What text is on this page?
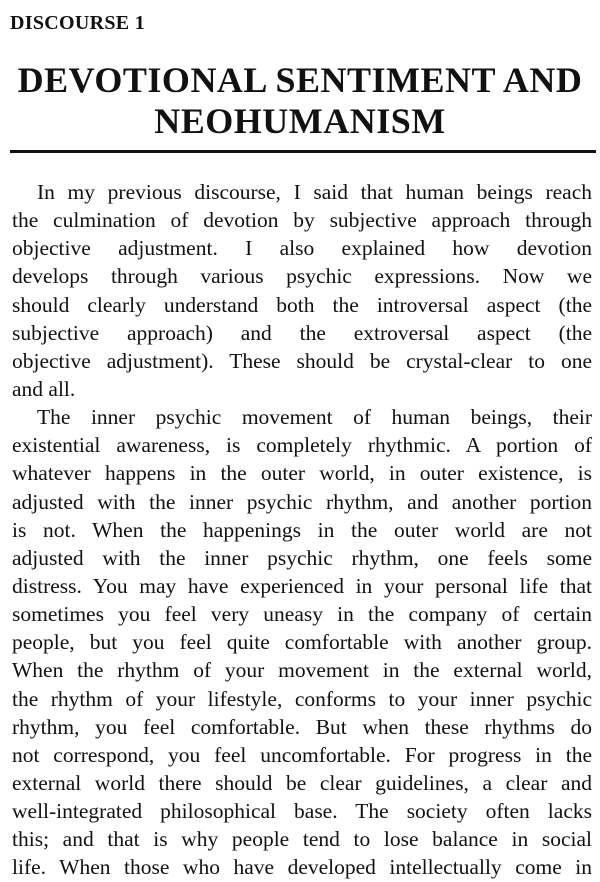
DISCOURSE 1
DEVOTIONAL SENTIMENT AND
NEOHUMANISM
In my previous discourse, I said that human beings reach
the culmination of devotion by subjective approach through
objective adjustment. I also explained how devotion
develops through various psychic expressions. Now we
should clearly understand both the introversal aspect (the
subjective approach) and the extroversal aspect (the
objective adjustment). These should be crystal-clear to one
and all.
The inner psychic movement of human beings, their
existential awareness, is completely rhythmic. A portion of
whatever happens in the outer world, in outer existence, is
adjusted with the inner psychic rhythm, and another portion
is not. When the happenings in the outer world are not
adjusted with the inner psychic rhythm, one feels some
distress. You may have experienced in your personal life that
sometimes you feel very uneasy in the company of certain
people, but you feel quite comfortable with another group.
When the rhythm of your movement in the external world,
the rhythm of your lifestyle, conforms to your inner psychic
rhythm, you feel comfortable. But when these rhythms do
not correspond, you feel uncomfortable. For progress in the
external world there should be clear guidelines, a clear and
well-integrated philosophical base. The society often lacks
this; and that is why people tend to lose balance in social
life. When those who have developed intellectually come in
